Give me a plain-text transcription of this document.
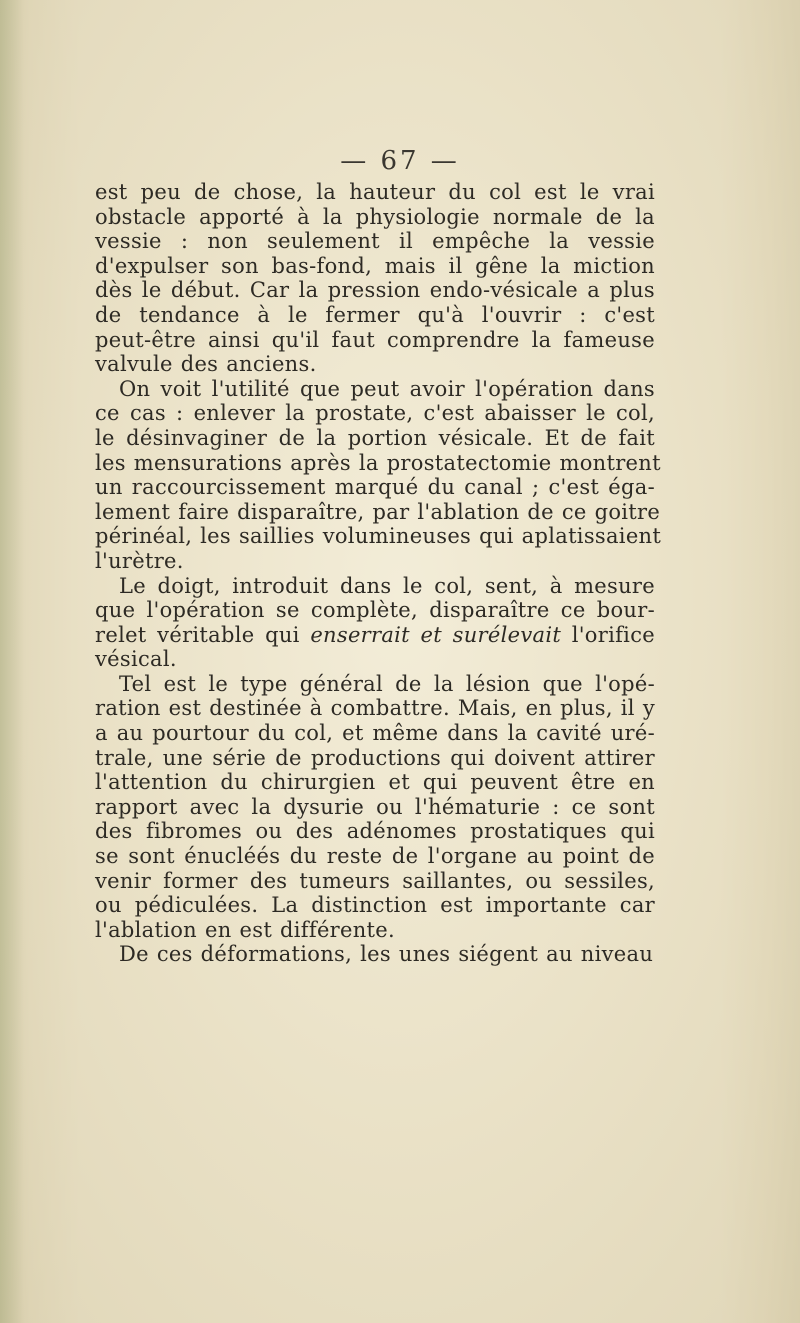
— 67 —
est peu de chose, la hauteur du col est le vrai
obstacle apporté à la physiologie normale de la
vessie : non seulement il empêche la vessie
d'expulser son bas-fond, mais il gêne la miction
dès le début. Car la pression endo-vésicale a plus
de tendance à le fermer qu'à l'ouvrir : c'est
peut-être ainsi qu'il faut comprendre la fameuse
valvule des anciens.
On voit l'utilité que peut avoir l'opération dans
ce cas : enlever la prostate, c'est abaisser le col,
le désinvaginer de la portion vésicale. Et de fait
les mensurations après la prostatectomie montrent
un raccourcissement marqué du canal ; c'est éga-
lement faire disparaître, par l'ablation de ce goitre
périnéal, les saillies volumineuses qui aplatissaient
l'urètre.
Le doigt, introduit dans le col, sent, à mesure
que l'opération se complète, disparaître ce bour-
relet véritable qui enserrait et surélevait l'orifice
vésical.
Tel est le type général de la lésion que l'opé-
ration est destinée à combattre. Mais, en plus, il y
a au pourtour du col, et même dans la cavité uré-
trale, une série de productions qui doivent attirer
l'attention du chirurgien et qui peuvent être en
rapport avec la dysurie ou l'hématurie : ce sont
des fibromes ou des adénomes prostatiques qui
se sont énucléés du reste de l'organe au point de
venir former des tumeurs saillantes, ou sessiles,
ou pédiculées. La distinction est importante car
l'ablation en est différente.
De ces déformations, les unes siégent au niveau
